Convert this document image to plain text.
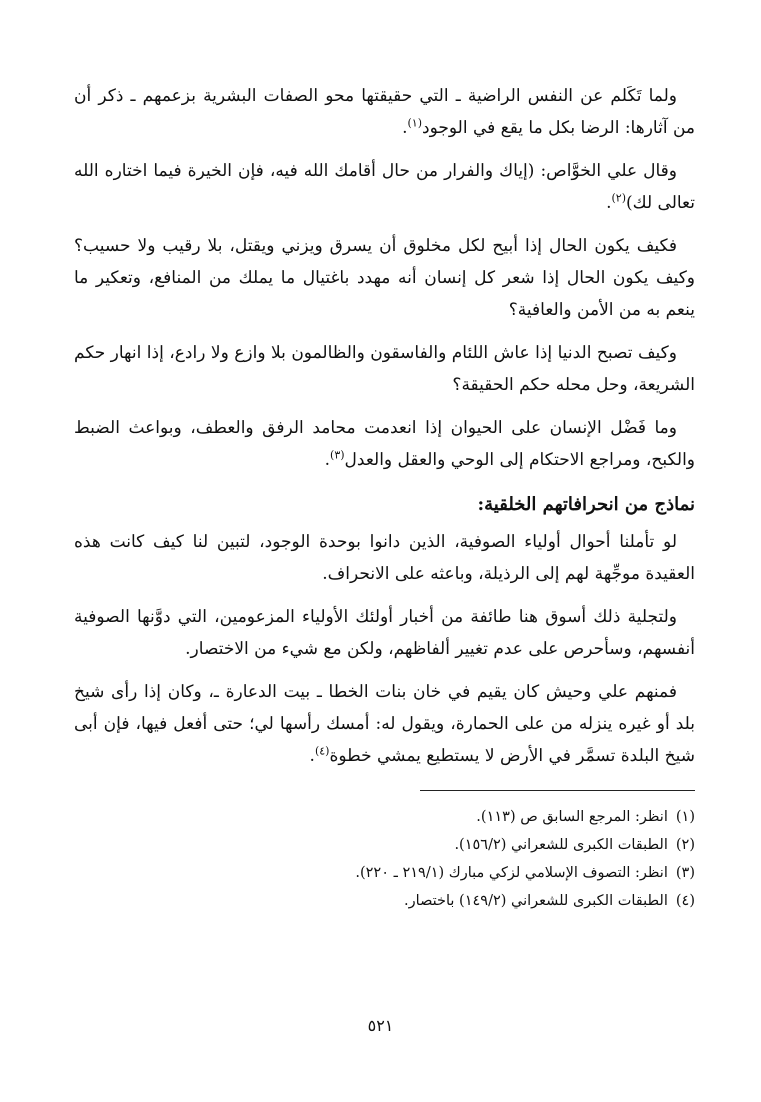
ولما تَكَلم عن النفس الراضية ـ التي حقيقتها محو الصفات البشرية بزعمهم ـ ذكر أن من آثارها: الرضا بكل ما يقع في الوجود$^{(١)}$.

وقال علي الخوَّاص: (إياك والفرار من حال أقامك الله فيه، فإن الخيرة فيما اختاره الله تعالى لك)$^{(٢)}$.

فكيف يكون الحال إذا أبيح لكل مخلوق أن يسرق ويزني ويقتل، بلا رقيب ولا حسيب؟ وكيف يكون الحال إذا شعر كل إنسان أنه مهدد باغتيال ما يملك من المنافع، وتعكير ما ينعم به من الأمن والعافية؟

وكيف تصبح الدنيا إذا عاش اللئام والفاسقون والظالمون بلا وازع ولا رادع، إذا انهار حكم الشريعة، وحل محله حكم الحقيقة؟

وما فَضْل الإنسان على الحيوان إذا انعدمت محامد الرفق والعطف، وبواعث الضبط والكبح، ومراجع الاحتكام إلى الوحي والعقل والعدل$^{(٣)}$.

نماذج من انحرافاتهم الخلقية:

لو تأملنا أحوال أولياء الصوفية، الذين دانوا بوحدة الوجود، لتبين لنا كيف كانت هذه العقيدة موجِّهة لهم إلى الرذيلة، وباعثه على الانحراف.

ولتجلية ذلك أسوق هنا طائفة من أخبار أولئك الأولياء المزعومين، التي دوَّنها الصوفية أنفسهم، وسأحرص على عدم تغيير ألفاظهم، ولكن مع شيء من الاختصار.

فمنهم علي وحيش كان يقيم في خان بنات الخطا ـ بيت الدعارة ـ، وكان إذا رأى شيخ بلد أو غيره ينزله من على الحمارة، ويقول له: أمسك رأسها لي؛ حتى أفعل فيها، فإن أبى شيخ البلدة تسمَّر في الأرض لا يستطيع يمشي خطوة$^{(٤)}$.

(١)انظر: المرجع السابق ص (١١٣).
(٢)الطبقات الكبرى للشعراني (١٥٦/٢).
(٣)انظر: التصوف الإسلامي لزكي مبارك (٢١٩/١ ـ ٢٢٠).
(٤)الطبقات الكبرى للشعراني (١٤٩/٢) باختصار.
٥٢١
